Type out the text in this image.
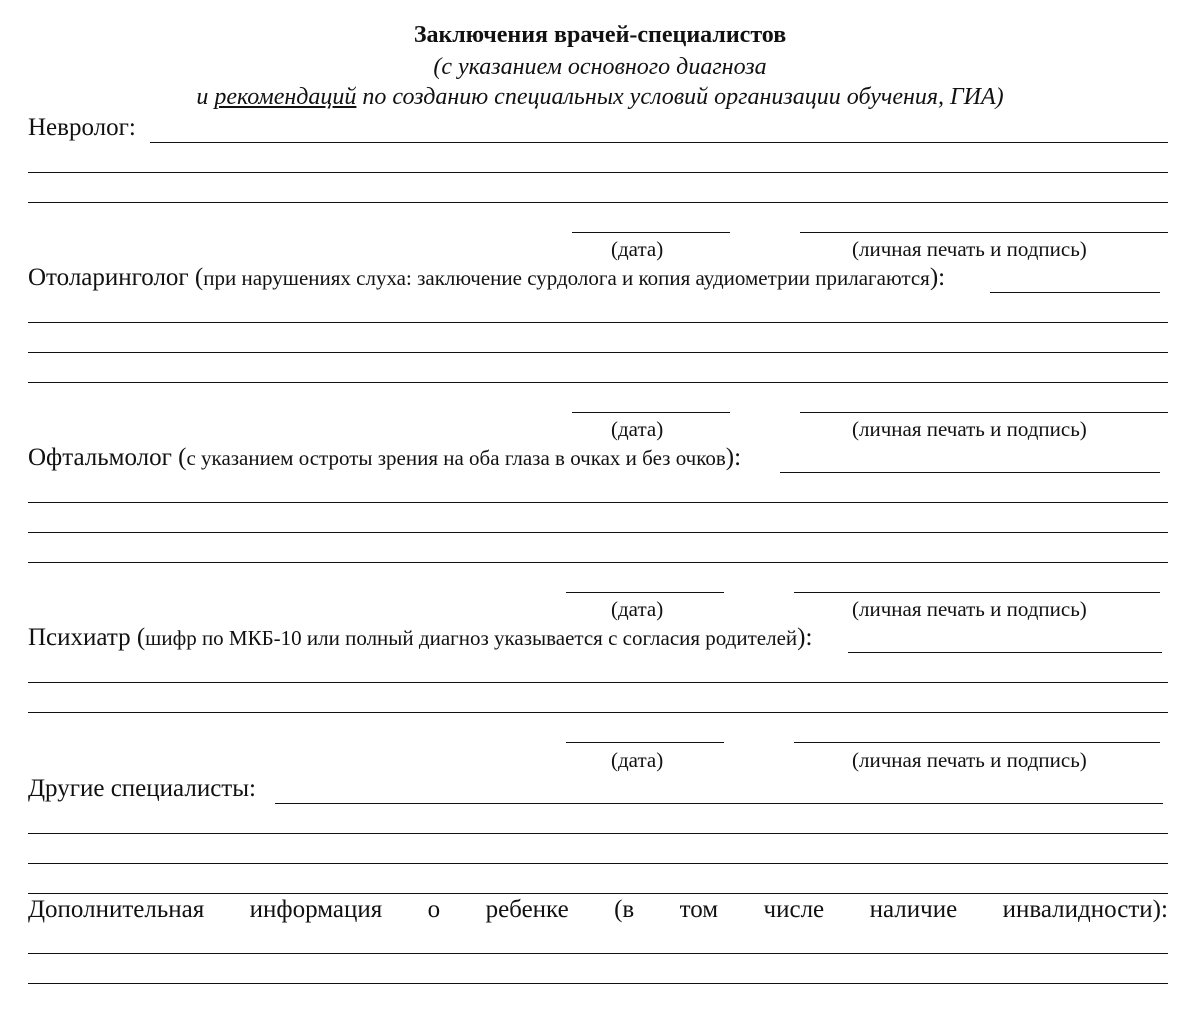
Заключения врачей-специалистов
(с указанием основного диагноза
и рекомендаций по созданию специальных условий организации обучения, ГИА)
Невролог:
(дата)	(личная печать и подпись)
Отоларинголог (при нарушениях слуха: заключение сурдолога и копия аудиометрии прилагаются):
(дата)	(личная печать и подпись)
Офтальмолог (с указанием остроты зрения на оба глаза в очках и без очков):
(дата)	(личная печать и подпись)
Психиатр (шифр по МКБ-10 или полный диагноз указывается с согласия родителей):
(дата)	(личная печать и подпись)
Другие специалисты:
Дополнительная информация о ребенке (в том числе наличие инвалидности):
